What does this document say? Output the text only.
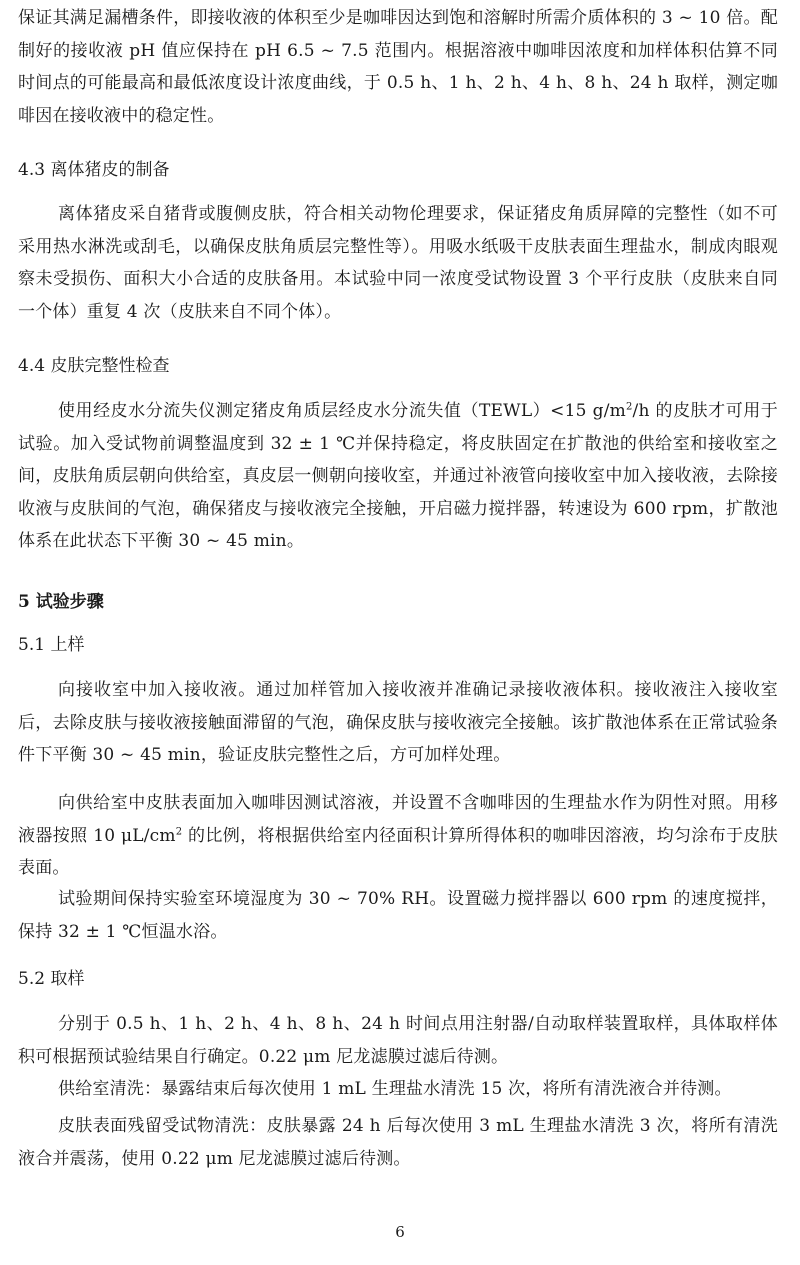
保证其满足漏槽条件，即接收液的体积至少是咖啡因达到饱和溶解时所需介质体积的 3 ~ 10 倍。配制好的接收液 pH 值应保持在 pH 6.5 ~ 7.5 范围内。根据溶液中咖啡因浓度和加样体积估算不同时间点的可能最高和最低浓度设计浓度曲线，于 0.5 h、1 h、2 h、4 h、8 h、24 h 取样，测定咖啡因在接收液中的稳定性。

4.3 离体猪皮的制备

离体猪皮采自猪背或腹侧皮肤，符合相关动物伦理要求，保证猪皮角质屏障的完整性（如不可采用热水淋洗或刮毛，以确保皮肤角质层完整性等）。用吸水纸吸干皮肤表面生理盐水，制成肉眼观察未受损伤、面积大小合适的皮肤备用。本试验中同一浓度受试物设置 3 个平行皮肤（皮肤来自同一个体）重复 4 次（皮肤来自不同个体）。

4.4 皮肤完整性检查

使用经皮水分流失仪测定猪皮角质层经皮水分流失值（TEWL）<15 $g/m^2/h$ 的皮肤才可用于试验。加入受试物前调整温度到 32 ± 1 ℃并保持稳定，将皮肤固定在扩散池的供给室和接收室之间，皮肤角质层朝向供给室，真皮层一侧朝向接收室，并通过补液管向接收室中加入接收液，去除接收液与皮肤间的气泡，确保猪皮与接收液完全接触，开启磁力搅拌器，转速设为 600 rpm，扩散池体系在此状态下平衡 30 ~ 45 min。

5 试验步骤

5.1 上样

向接收室中加入接收液。通过加样管加入接收液并准确记录接收液体积。接收液注入接收室后，去除皮肤与接收液接触面滞留的气泡，确保皮肤与接收液完全接触。该扩散池体系在正常试验条件下平衡 30 ~ 45 min，验证皮肤完整性之后，方可加样处理。

向供给室中皮肤表面加入咖啡因测试溶液，并设置不含咖啡因的生理盐水作为阴性对照。用移液器按照 10 $\mu L/cm^2$ 的比例，将根据供给室内径面积计算所得体积的咖啡因溶液，均匀涂布于皮肤表面。

试验期间保持实验室环境湿度为 30 ~ 70% RH。设置磁力搅拌器以 600 rpm 的速度搅拌，保持 32 ± 1 ℃恒温水浴。

5.2 取样

分别于 0.5 h、1 h、2 h、4 h、8 h、24 h 时间点用注射器/自动取样装置取样，具体取样体积可根据预试验结果自行确定。0.22 μm 尼龙滤膜过滤后待测。

供给室清洗：暴露结束后每次使用 1 mL 生理盐水清洗 15 次，将所有清洗液合并待测。

皮肤表面残留受试物清洗：皮肤暴露 24 h 后每次使用 3 mL 生理盐水清洗 3 次，将所有清洗液合并震荡，使用 0.22 μm 尼龙滤膜过滤后待测。

6
